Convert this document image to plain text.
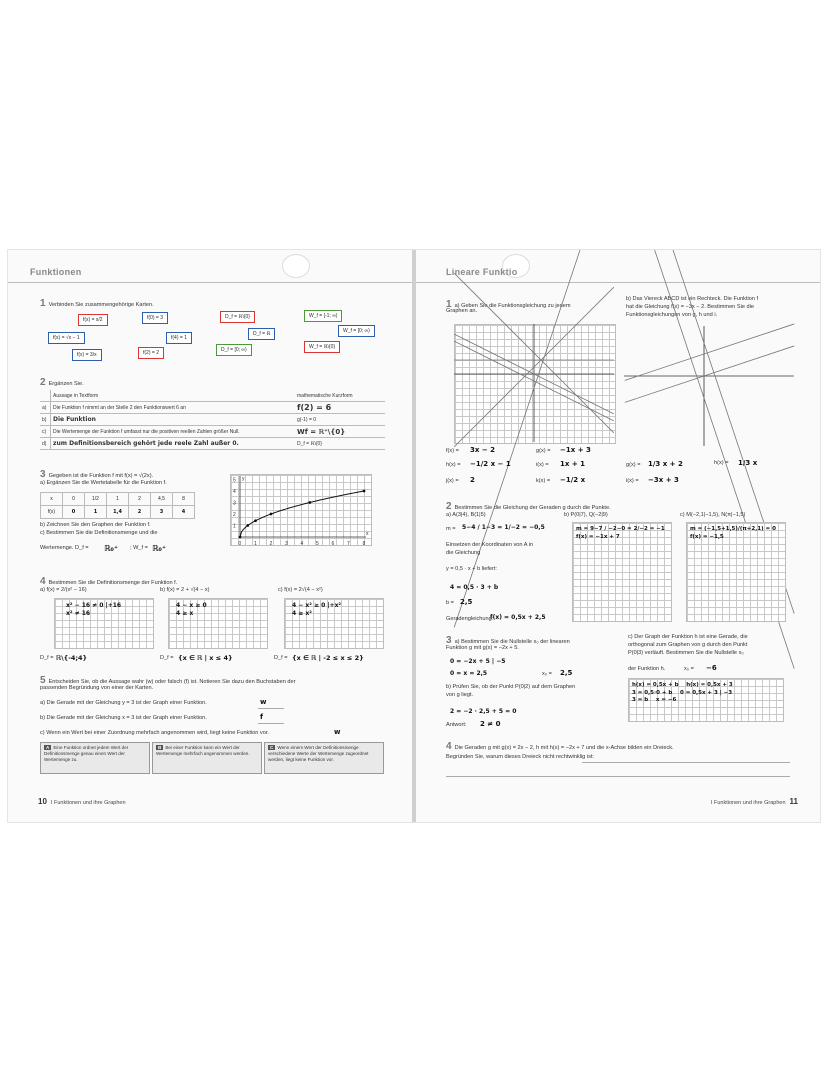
Funktionen
1 Verbinden Sie zusammengehörige Karten.
f(x) = x/2	f(0) = 3	D_f = ℝ\{0}	W_f = [-1; ∞)
f(x) = √x − 1	f(4) = 1
D_f = ℝ	W_f = [0; ∞)
f(x) = 3/x	f(2) = 2	D_f = [0; ∞)	W_f = ℝ\{0}
2 Ergänzen Sie.
	Aussage in Textform	mathematische Kurzform
a)	Die Funktion f nimmt an der Stelle 2 den Funktionswert 6 an	f(2) = 6
b)	Die Funktion	g(-1) = 0
c)	Die Wertemenge der Funktion f umfasst nur die positiven reellen Zahlen größer Null.	Wf = ℝ⁺\{0}
d)	zum Definitionsbereich gehört jede reele Zahl außer 0.	D_f = ℝ\{0}
3 Gegeben ist die Funktion f mit f(x) = √(2x).
a) Ergänzen Sie die Wertetabelle für die Funktion f.
x	0	1/2	1	2	4,5	8
f(x)	0	1	1,4	2	3	4
b) Zeichnen Sie den Graphen der Funktion f.
c) Bestimmen Sie die Definitionsmenge und die
Wertemenge. D_f = ℝ₀⁺ ; W_f = ℝ₀⁺	0	1	2	3	4	5	6	7	8
5
4
3
2
1
x
y
4 Bestimmen Sie die Definitionsmenge der Funktion f.
a) f(x) = 2/(x² − 16)	b) f(x) = 2 + √(4 − x)	c) f(x) = 2√(4 − x²)
x² − 16 ≠ 0 |+16
x² ≠ 16
4 − x ≥ 0
4 ≥ x
4 − x² ≥ 0 |+x²
4 ≥ x²
D_f = ℝ\{-4;4}	D_f = {x ∈ ℝ | x ≤ 4}	D_f = {x ∈ ℝ | -2 ≤ x ≤ 2}
5 Entscheiden Sie, ob die Aussage wahr (w) oder falsch (f) ist. Notieren Sie dazu den Buchstaben der
passenden Begründung von einer der Karten.
a) Die Gerade mit der Gleichung y = 3 ist der Graph einer Funktion.	w
b) Die Gerade mit der Gleichung x = 3 ist der Graph einer Funktion.	f
c) Wenn ein Wert bei einer Zuordnung mehrfach angenommen wird, liegt keine Funktion vor.	w
A Eine Funktion ordnet jedem Wert der Definitionsmenge genau einen Wert der Wertemenge zu.
B Bei einer Funktion kann ein Wert der Wertemenge mehrfach angenommen werden.
C Wenn einem Wert der Definitionsmenge verschiedene Werte der Wertemenge zugeordnet werden, liegt keine Funktion vor.
10 I Funktionen und ihre Graphen
Lineare Funktio
1 a) Geben Sie die Funktionsgleichung zu jedem
Graphen an.
b) Das Viereck ABCD ist ein Rechteck. Die Funktion f
hat die Gleichung f(x) = −3x − 2. Bestimmen Sie die
Funktionsgleichungen von g, h und i.
f(x) = 3x − 2	g(x) = −1x + 3
h(x) = −1/2 x − 1	i(x) = 1x + 1
j(x) = 2	k(x) = −1/2 x
g(x) = 1/3 x + 2	h(x) = 1/3 x
i(x) = −3x + 3
2 Bestimmen Sie die Gleichung der Geraden g durch die Punkte.
a) A(3|4), B(1|5)	b) P(0|7), Q(−2|9)	c) M(−2,1|−1,5), N(π|−1,5)
m = 5−4 / 1−3 = 1/−2 = −0,5
Einsetzen der Koordinaten von A in
die Gleichung
y = 0,5 · x + b liefert:
4 = 0,5 · 3 + b
b = 2,5
Geradengleichung:
f(x) = 0,5x + 2,5
m = 9−7 / −2−0 = 2/−2 = −1
f(x) = −1x + 7
m = (−1,5+1,5)/(π+2,1) = 0
f(x) = −1,5
3 a) Bestimmen Sie die Nullstelle x₀ der linearen
Funktion g mit g(x) = −2x + 5.
0 = −2x + 5 | −5
0 = x = 2,5	x₀ = 2,5
b) Prüfen Sie, ob der Punkt P(0|2) auf dem Graphen
von g liegt.
2 = −2 · 2,5 + 5 = 0
Antwort: 2 ≠ 0
c) Der Graph der Funktion h ist eine Gerade, die
orthogonal zum Graphen von g durch den Punkt
P(0|3) verläuft. Bestimmen Sie die Nullstelle x₀
der Funktion h.	x₀ = −6
h(x) = 0,5x + b    h(x) = 0,5x + 3
3 = 0,5·0 + b    0 = 0,5x + 3 | −3
3 = b    x = −6
4 Die Geraden g mit g(x) = 2x − 2, h mit h(x) = −2x + 7 und die x-Achse bilden ein Dreieck.
Begründen Sie, warum dieses Dreieck nicht rechtwinklig ist:
I Funktionen und ihre Graphen 11
